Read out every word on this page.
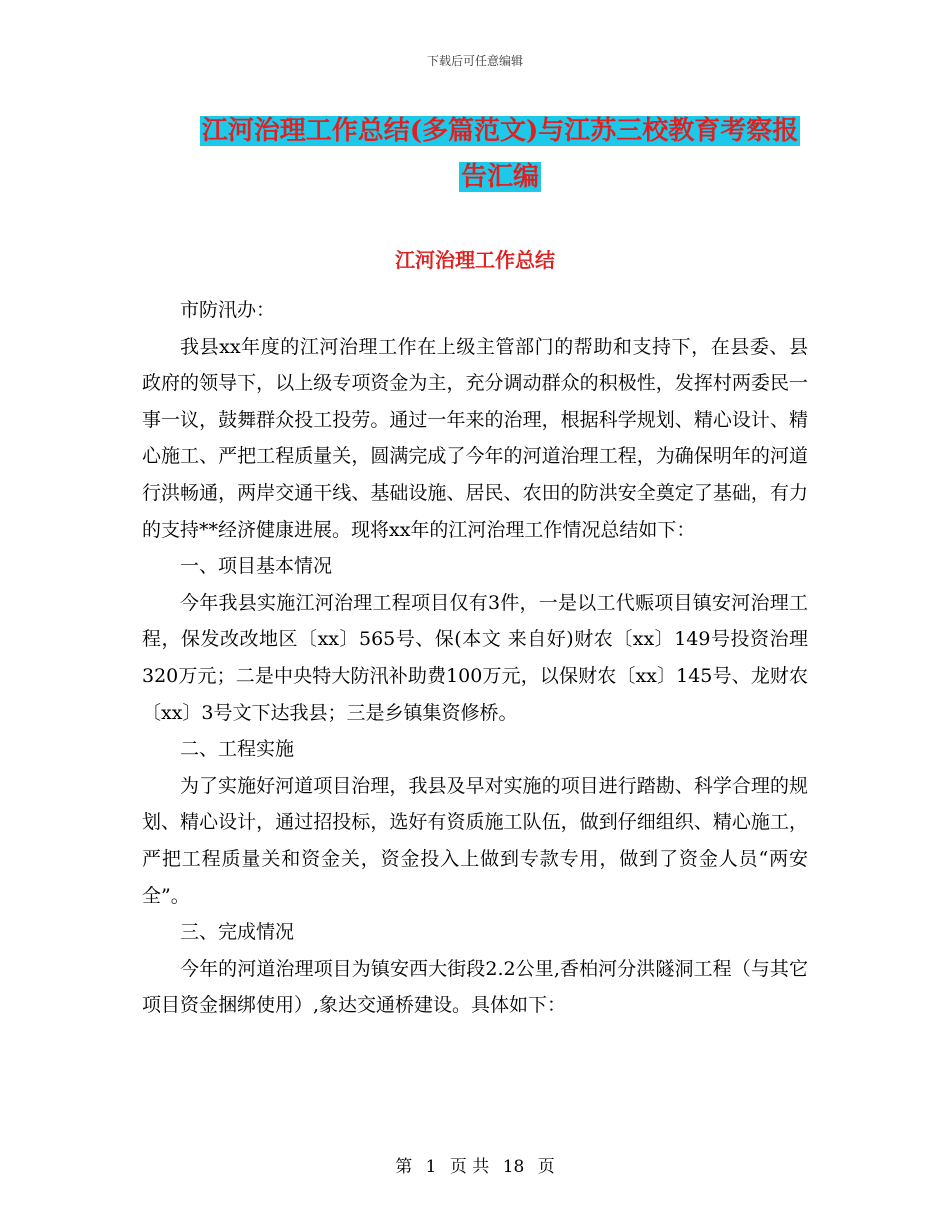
下载后可任意编辑
江河治理工作总结(多篇范文)与江苏三校教育考察报
告汇编
江河治理工作总结

市防汛办：

我县xx年度的江河治理工作在上级主管部门的帮助和支持下，在县委、县政府的领导下，以上级专项资金为主，充分调动群众的积极性，发挥村两委民一事一议，鼓舞群众投工投劳。通过一年来的治理，根据科学规划、精心设计、精心施工、严把工程质量关，圆满完成了今年的河道治理工程，为确保明年的河道行洪畅通，两岸交通干线、基础设施、居民、农田的防洪安全奠定了基础，有力的支持**经济健康进展。现将xx年的江河治理工作情况总结如下：

一、项目基本情况

今年我县实施江河治理工程项目仅有3件，一是以工代赈项目镇安河治理工程，保发改改地区〔xx〕565号、保(本文 来自好)财农〔xx〕149号投资治理320万元；二是中央特大防汛补助费100万元，以保财农〔xx〕145号、龙财农〔xx〕3号文下达我县；三是乡镇集资修桥。

二、工程实施

为了实施好河道项目治理，我县及早对实施的项目进行踏勘、科学合理的规划、精心设计，通过招投标，选好有资质施工队伍，做到仔细组织、精心施工，严把工程质量关和资金关，资金投入上做到专款专用，做到了资金人员“两安全”。

三、完成情况

今年的河道治理项目为镇安西大街段2.2公里,香柏河分洪隧洞工程（与其它项目资金捆绑使用）,象达交通桥建设。具体如下：

第 1 页 共 18 页
